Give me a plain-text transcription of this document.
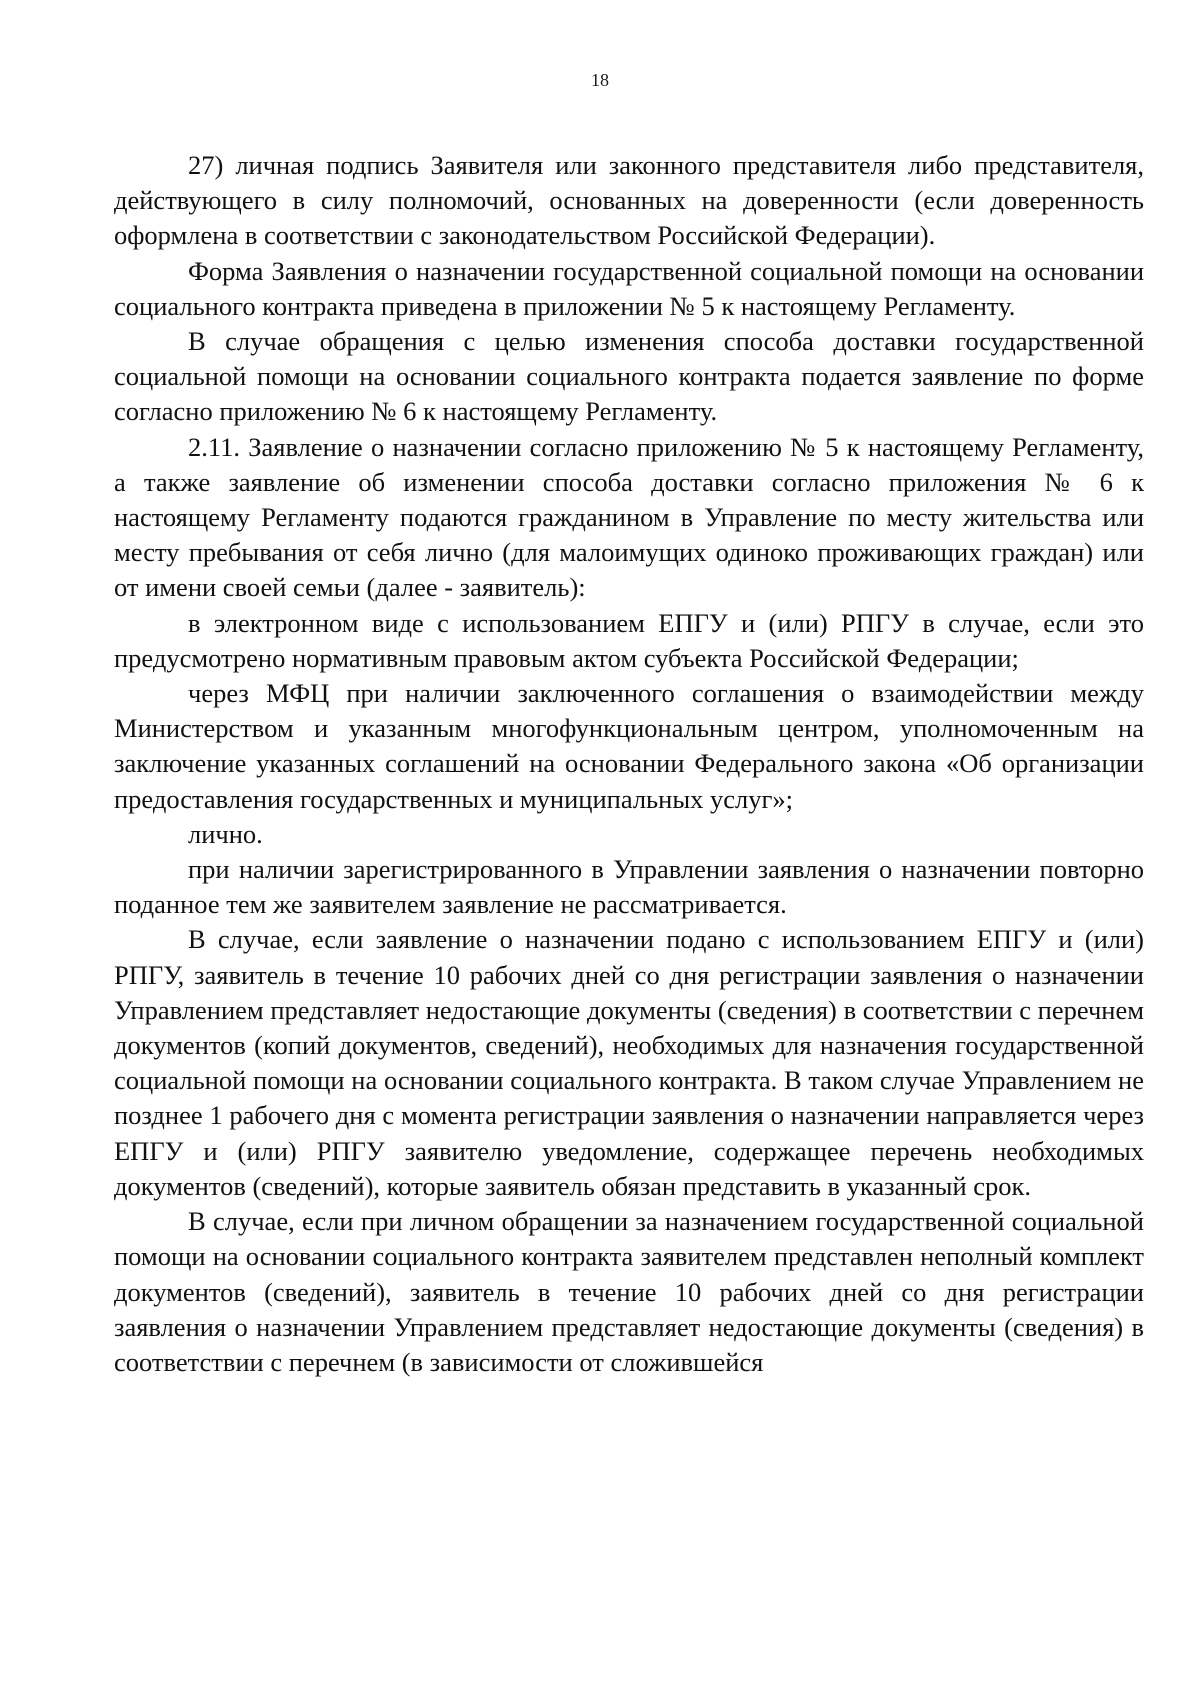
18

27) личная подпись Заявителя или законного представителя либо представителя, действующего в силу полномочий, основанных на доверенности (если доверенность оформлена в соответствии с законодательством Российской Федерации).

Форма Заявления о назначении государственной социальной помощи на основании социального контракта приведена в приложении № 5 к настоящему Регламенту.

В случае обращения с целью изменения способа доставки государственной социальной помощи на основании социального контракта подается заявление по форме согласно приложению № 6 к настоящему Регламенту.

2.11. Заявление о назначении согласно приложению № 5 к настоящему Регламенту, а также заявление об изменении способа доставки согласно приложения № 6 к настоящему Регламенту подаются гражданином в Управление по месту жительства или месту пребывания от себя лично (для малоимущих одиноко проживающих граждан) или от имени своей семьи (далее - заявитель):

в электронном виде с использованием ЕПГУ и (или) РПГУ в случае, если это предусмотрено нормативным правовым актом субъекта Российской Федерации;

через МФЦ при наличии заключенного соглашения о взаимодействии между Министерством и указанным многофункциональным центром, уполномоченным на заключение указанных соглашений на основании Федерального закона «Об организации предоставления государственных и муниципальных услуг»;

лично.

при наличии зарегистрированного в Управлении заявления о назначении повторно поданное тем же заявителем заявление не рассматривается.

В случае, если заявление о назначении подано с использованием ЕПГУ и (или) РПГУ, заявитель в течение 10 рабочих дней со дня регистрации заявления о назначении Управлением представляет недостающие документы (сведения) в соответствии с перечнем документов (копий документов, сведений), необходимых для назначения государственной социальной помощи на основании социального контракта. В таком случае Управлением не позднее 1 рабочего дня с момента регистрации заявления о назначении направляется через ЕПГУ и (или) РПГУ заявителю уведомление, содержащее перечень необходимых документов (сведений), которые заявитель обязан представить в указанный срок.

В случае, если при личном обращении за назначением государственной социальной помощи на основании социального контракта заявителем представлен неполный комплект документов (сведений), заявитель в течение 10 рабочих дней со дня регистрации заявления о назначении Управлением представляет недостающие документы (сведения) в соответствии с перечнем (в зависимости от сложившейся
